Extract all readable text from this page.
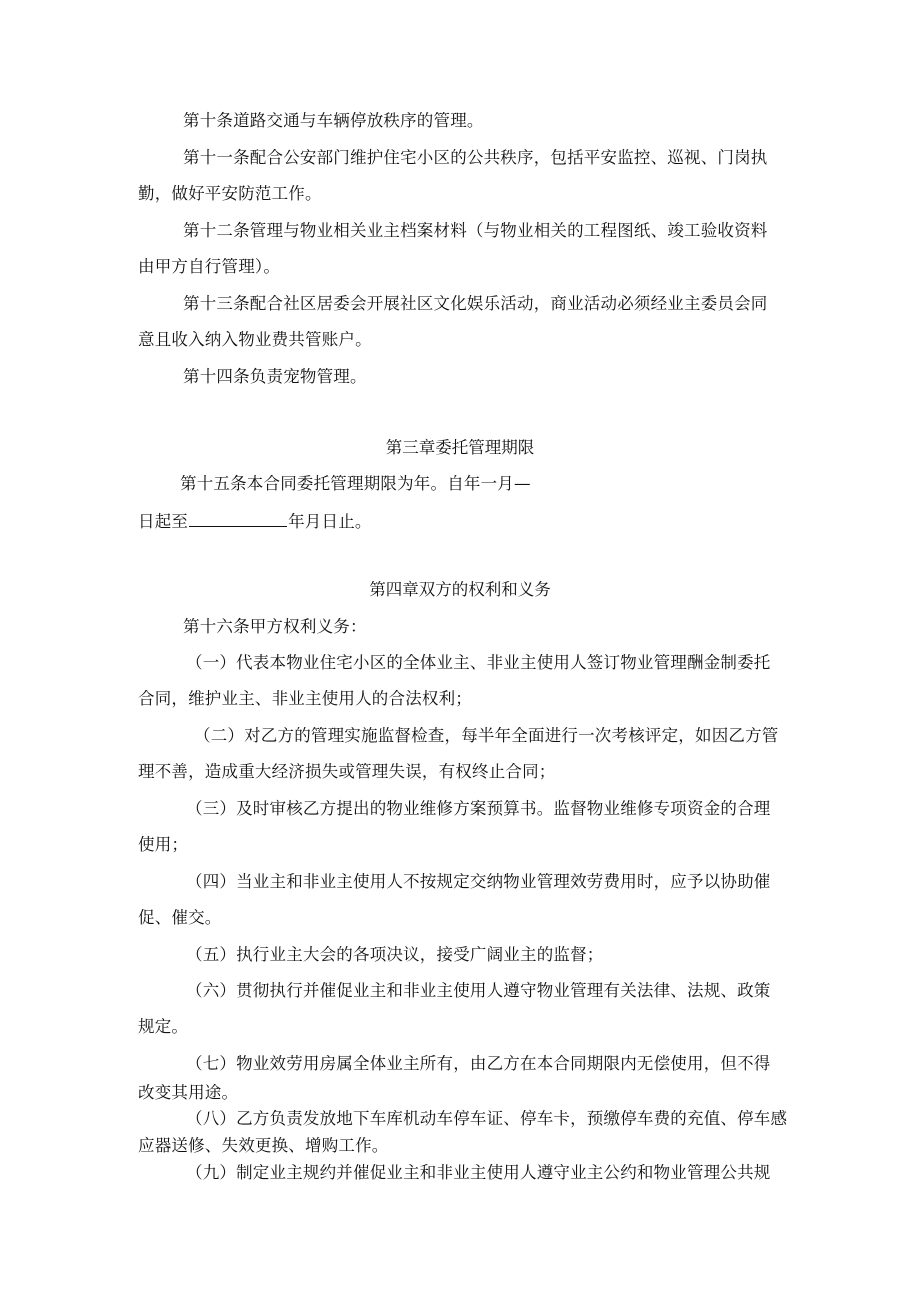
第十条道路交通与车辆停放秩序的管理。
第十一条配合公安部门维护住宅小区的公共秩序，包括平安监控、巡视、门岗执
勤，做好平安防范工作。
第十二条管理与物业相关业主档案材料（与物业相关的工程图纸、竣工验收资料
由甲方自行管理）。
第十三条配合社区居委会开展社区文化娱乐活动，商业活动必须经业主委员会同
意且收入纳入物业费共管账户。
第十四条负责宠物管理。
第三章委托管理期限
第十五条本合同委托管理期限为年。自年一月—
日起至	年月日止。
第四章双方的权利和义务
第十六条甲方权利义务：
（一）代表本物业住宅小区的全体业主、非业主使用人签订物业管理酬金制委托
合同，维护业主、非业主使用人的合法权利；
（二）对乙方的管理实施监督检查，每半年全面进行一次考核评定，如因乙方管
理不善，造成重大经济损失或管理失误，有权终止合同；
（三）及时审核乙方提出的物业维修方案预算书。监督物业维修专项资金的合理
使用；
（四）当业主和非业主使用人不按规定交纳物业管理效劳费用时，应予以协助催
促、催交。
（五）执行业主大会的各项决议，接受广阔业主的监督；
（六）贯彻执行并催促业主和非业主使用人遵守物业管理有关法律、法规、政策
规定。
（七）物业效劳用房属全体业主所有，由乙方在本合同期限内无偿使用，但不得
改变其用途。
（八）乙方负责发放地下车库机动车停车证、停车卡，预缴停车费的充值、停车感
应器送修、失效更换、增购工作。
（九）制定业主规约并催促业主和非业主使用人遵守业主公约和物业管理公共规
